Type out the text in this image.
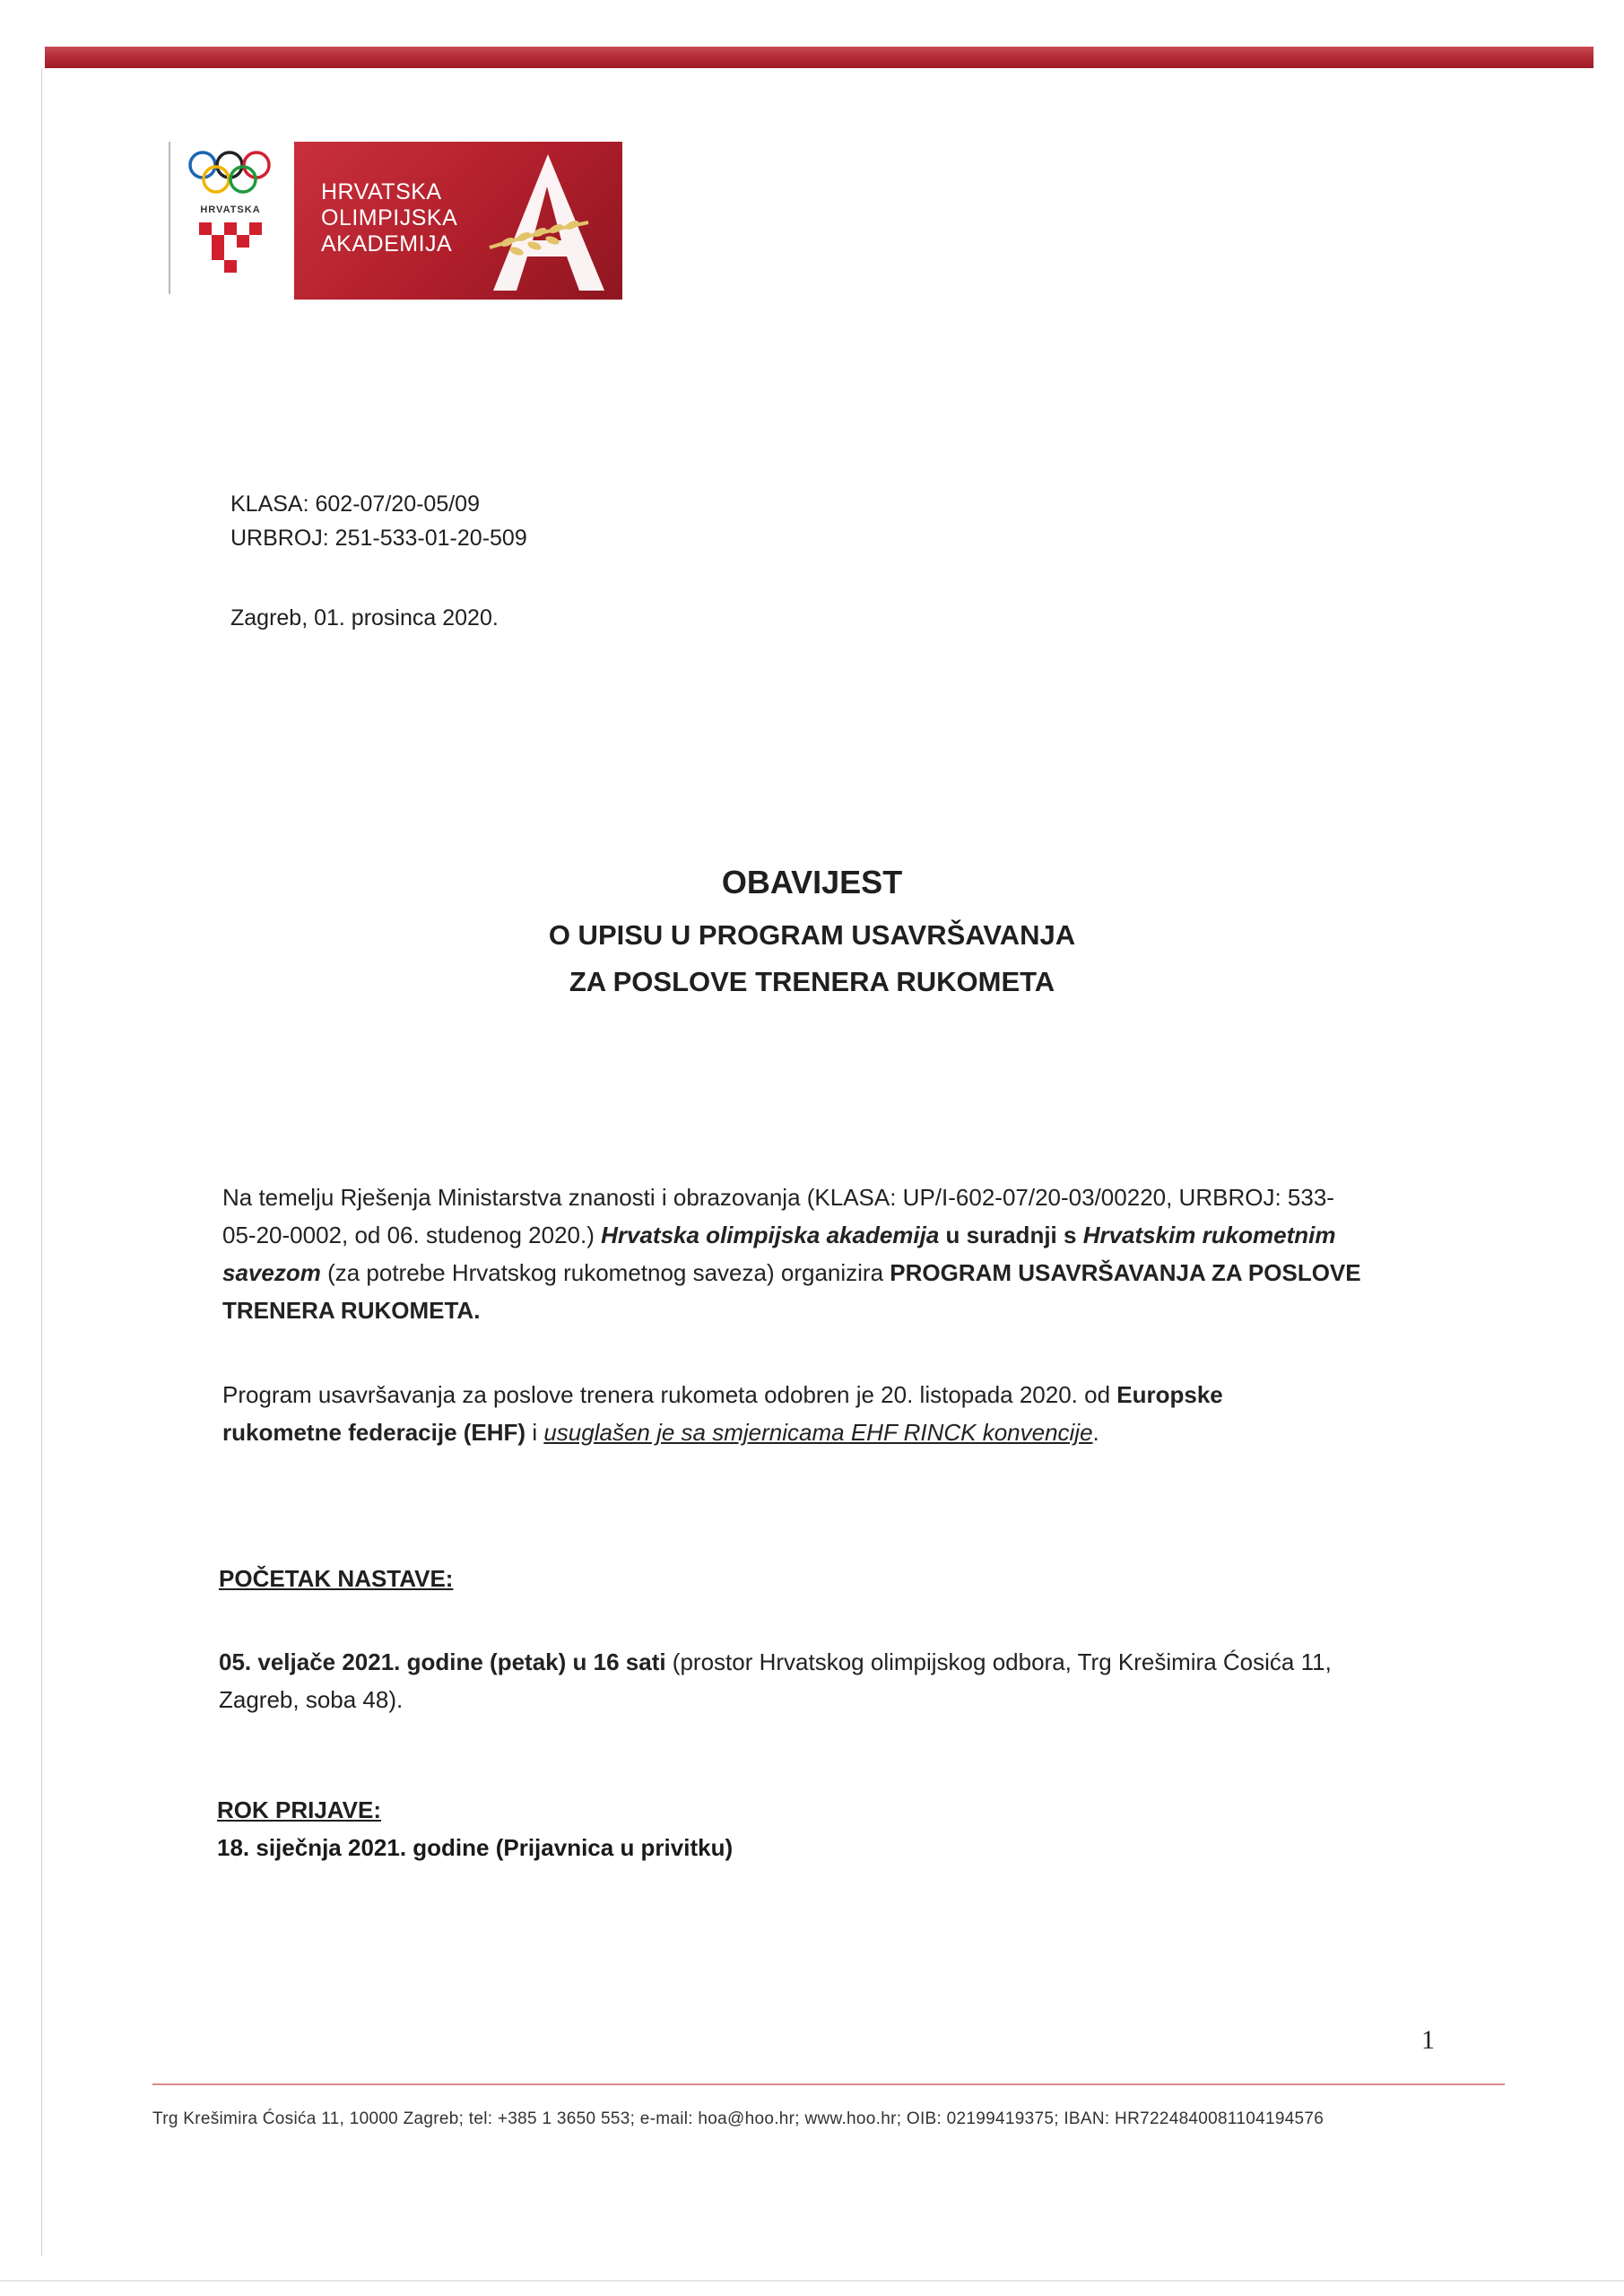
HRVATSKA
HRVATSKA
OLIMPIJSKA
AKADEMIJA
KLASA: 602-07/20-05/09
URBROJ: 251-533-01-20-509
Zagreb, 01. prosinca 2020.
OBAVIJEST
O UPISU U PROGRAM USAVRŠAVANJA
ZA POSLOVE TRENERA RUKOMETA
Na temelju Rješenja Ministarstva znanosti i obrazovanja (KLASA: UP/I-602-07/20-03/00220, URBROJ: 533-
05-20-0002, od 06. studenog 2020.) Hrvatska olimpijska akademija u suradnji s Hrvatskim rukometnim
savezom (za potrebe Hrvatskog rukometnog saveza) organizira PROGRAM USAVRŠAVANJA ZA POSLOVE
TRENERA RUKOMETA.
Program usavršavanja za poslove trenera rukometa odobren je 20. listopada 2020. od Europske
rukometne federacije (EHF) i usuglašen je sa smjernicama EHF RINCK konvencije.
POČETAK NASTAVE:
05. veljače 2021. godine (petak) u 16 sati (prostor Hrvatskog olimpijskog odbora, Trg Krešimira Ćosića 11,
Zagreb, soba 48).
ROK PRIJAVE:
18. siječnja 2021. godine (Prijavnica u privitku)
1
Trg Krešimira Ćosića 11, 10000 Zagreb; tel: +385 1 3650 553; e-mail: hoa@hoo.hr; www.hoo.hr; OIB: 02199419375; IBAN: HR7224840081104194576
